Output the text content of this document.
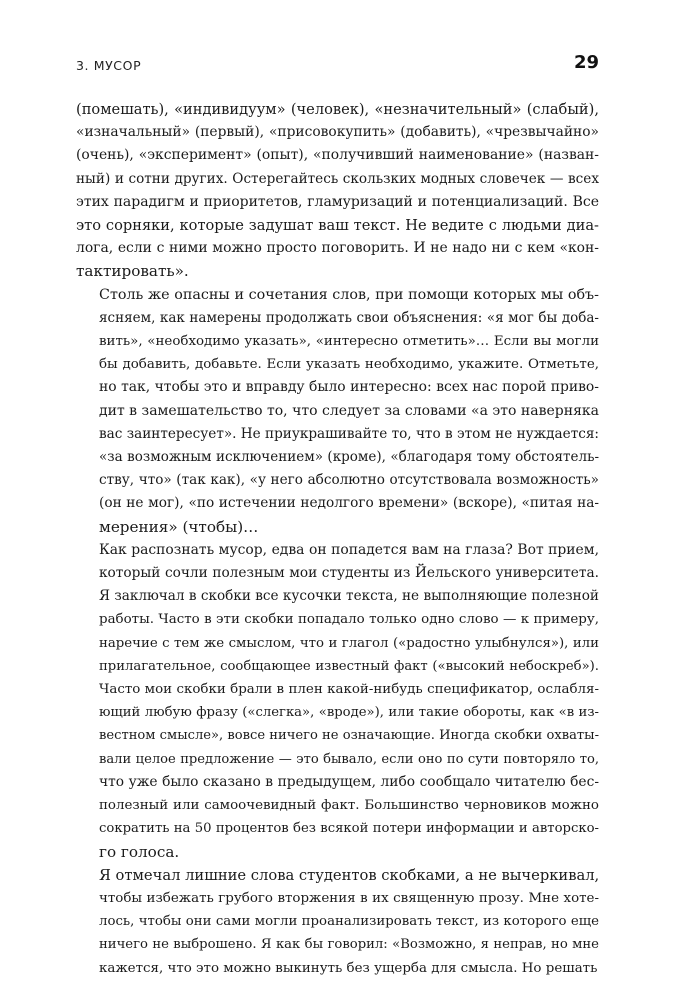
3. МУСОР	29
(помешать), «индивидуум» (человек), «незначительный» (слабый),
«изначальный» (первый), «присовокупить» (добавить), «чрезвычайно»
(очень), «эксперимент» (опыт), «получивший наименование» (назван-
ный) и сотни других. Остерегайтесь скользких модных словечек — всех
этих парадигм и приоритетов, гламуризаций и потенциализаций. Все
это сорняки, которые задушат ваш текст. Не ведите с людьми диа-
лога, если с ними можно просто поговорить. И не надо ни с кем «кон-
тактировать».
Столь же опасны и сочетания слов, при помощи которых мы объ-
ясняем, как намерены продолжать свои объяснения: «я мог бы доба-
вить», «необходимо указать», «интересно отметить»… Если вы могли
бы добавить, добавьте. Если указать необходимо, укажите. Отметьте,
но так, чтобы это и вправду было интересно: всех нас порой приво-
дит в замешательство то, что следует за словами «а это наверняка
вас заинтересует». Не приукрашивайте то, что в этом не нуждается:
«за возможным исключением» (кроме), «благодаря тому обстоятель-
ству, что» (так как), «у него абсолютно отсутствовала возможность»
(он не мог), «по истечении недолгого времени» (вскоре), «питая на-
мерения» (чтобы)…
Как распознать мусор, едва он попадется вам на глаза? Вот прием,
который сочли полезным мои студенты из Йельского университета.
Я заключал в скобки все кусочки текста, не выполняющие полезной
работы. Часто в эти скобки попадало только одно слово — к примеру,
наречие с тем же смыслом, что и глагол («радостно улыбнулся»), или
прилагательное, сообщающее известный факт («высокий небоскреб»).
Часто мои скобки брали в плен какой-нибудь спецификатор, ослабля-
ющий любую фразу («слегка», «вроде»), или такие обороты, как «в из-
вестном смысле», вовсе ничего не означающие. Иногда скобки охваты-
вали целое предложение — это бывало, если оно по сути повторяло то,
что уже было сказано в предыдущем, либо сообщало читателю бес-
полезный или самоочевидный факт. Большинство черновиков можно
сократить на 50 процентов без всякой потери информации и авторско-
го голоса.
Я отмечал лишние слова студентов скобками, а не вычеркивал,
чтобы избежать грубого вторжения в их священную прозу. Мне хоте-
лось, чтобы они сами могли проанализировать текст, из которого еще
ничего не выброшено. Я как бы говорил: «Возможно, я неправ, но мне
кажется, что это можно выкинуть без ущерба для смысла. Но решать
